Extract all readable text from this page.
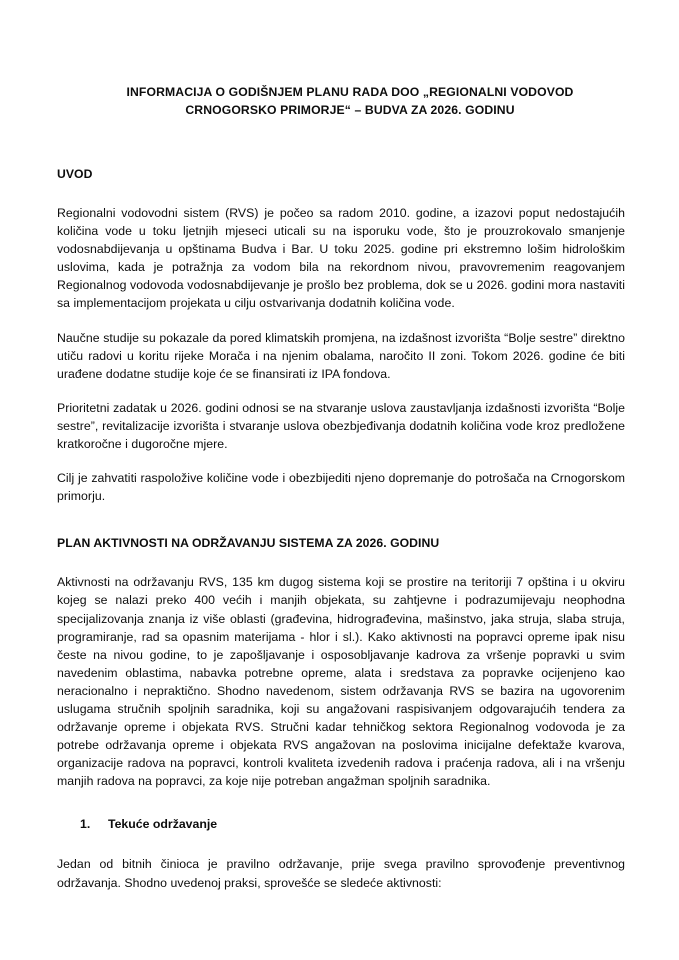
INFORMACIJA O GODIŠNJEM PLANU RADA DOO „REGIONALNI VODOVOD CRNOGORSKO PRIMORJE“ – BUDVA ZA 2026. GODINU
UVOD

Regionalni vodovodni sistem (RVS) je počeo sa radom 2010. godine, a izazovi poput nedostajućih količina vode u toku ljetnjih mjeseci uticali su na isporuku vode, što je prouzrokovalo smanjenje vodosnabdijevanja u opštinama Budva i Bar. U toku 2025. godine pri ekstremno lošim hidrološkim uslovima, kada je potražnja za vodom bila na rekordnom nivou, pravovremenim reagovanjem Regionalnog vodovoda vodosnabdijevanje je prošlo bez problema, dok se u 2026. godini mora nastaviti sa implementacijom projekata u cilju ostvarivanja dodatnih količina vode.

Naučne studije su pokazale da pored klimatskih promjena, na izdašnost izvorišta “Bolje sestre” direktno utiču radovi u koritu rijeke Morača i na njenim obalama, naročito II zoni. Tokom 2026. godine će biti urađene dodatne studije koje će se finansirati iz IPA fondova.

Prioritetni zadatak u 2026. godini odnosi se na stvaranje uslova zaustavljanja izdašnosti izvorišta “Bolje sestre”, revitalizacije izvorišta i stvaranje uslova obezbjeđivanja dodatnih količina vode kroz predložene kratkoročne i dugoročne mjere.

Cilj je zahvatiti raspoložive količine vode i obezbijediti njeno dopremanje do potrošača na Crnogorskom primorju.

PLAN AKTIVNOSTI NA ODRŽAVANJU SISTEMA ZA 2026. GODINU

Aktivnosti na održavanju RVS, 135 km dugog sistema koji se prostire na teritoriji 7 opština i u okviru kojeg se nalazi preko 400 većih i manjih objekata, su zahtjevne i podrazumijevaju neophodna specijalizovanja znanja iz više oblasti (građevina, hidrograđevina, mašinstvo, jaka struja, slaba struja, programiranje, rad sa opasnim materijama - hlor i sl.). Kako aktivnosti na popravci opreme ipak nisu česte na nivou godine, to je zapošljavanje i osposobljavanje kadrova za vršenje popravki u svim navedenim oblastima, nabavka potrebne opreme, alata i sredstava za popravke ocijenjeno kao neracionalno i nepraktično. Shodno navedenom, sistem održavanja RVS se bazira na ugovorenim uslugama stručnih spoljnih saradnika, koji su angažovani raspisivanjem odgovarajućih tendera za održavanje opreme i objekata RVS. Stručni kadar tehničkog sektora Regionalnog vodovoda je za potrebe održavanja opreme i objekata RVS angažovan na poslovima inicijalne defektaže kvarova, organizacije radova na popravci, kontroli kvaliteta izvedenih radova i praćenja radova, ali i na vršenju manjih radova na popravci, za koje nije potreban angažman spoljnih saradnika.

1.	Tekuće održavanje

Jedan od bitnih činioca je pravilno održavanje, prije svega pravilno sprovođenje preventivnog održavanja. Shodno uvedenoj praksi, sprovešće se sledeće aktivnosti:
